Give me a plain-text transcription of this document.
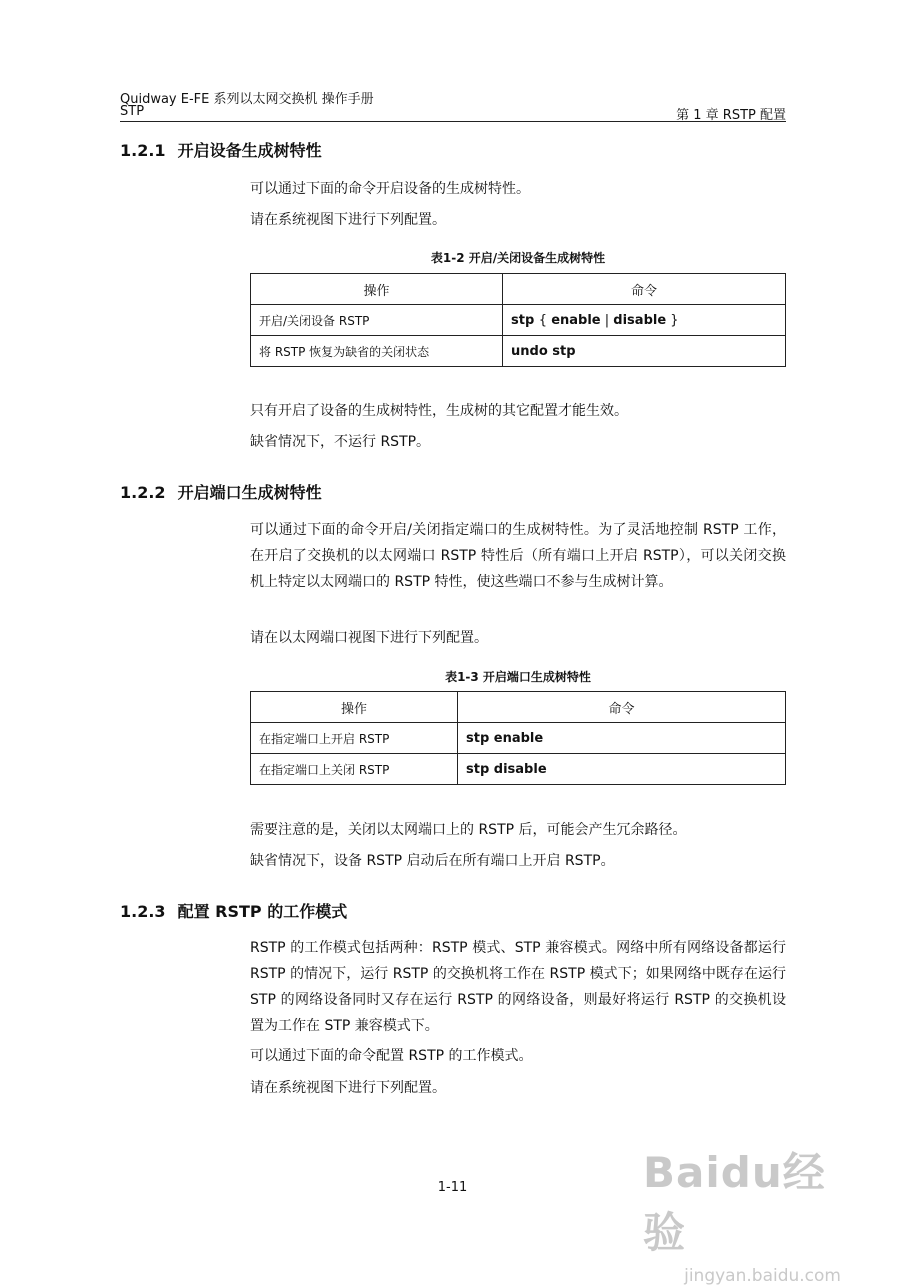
Quidway E-FE 系列以太网交换机 操作手册
STP	第 1 章 RSTP 配置
1.2.1 开启设备生成树特性
可以通过下面的命令开启设备的生成树特性。
请在系统视图下进行下列配置。
表1-2 开启/关闭设备生成树特性
操作	命令
开启/关闭设备 RSTP	stp { enable | disable }
将 RSTP 恢复为缺省的关闭状态	undo stp
只有开启了设备的生成树特性，生成树的其它配置才能生效。
缺省情况下，不运行 RSTP。
1.2.2 开启端口生成树特性
可以通过下面的命令开启/关闭指定端口的生成树特性。为了灵活地控制 RSTP 工作，在开启了交换机的以太网端口 RSTP 特性后（所有端口上开启 RSTP），可以关闭交换机上特定以太网端口的 RSTP 特性，使这些端口不参与生成树计算。
请在以太网端口视图下进行下列配置。
表1-3 开启端口生成树特性
操作	命令
在指定端口上开启 RSTP	stp enable
在指定端口上关闭 RSTP	stp disable
需要注意的是，关闭以太网端口上的 RSTP 后，可能会产生冗余路径。
缺省情况下，设备 RSTP 启动后在所有端口上开启 RSTP。
1.2.3 配置 RSTP 的工作模式
RSTP 的工作模式包括两种：RSTP 模式、STP 兼容模式。网络中所有网络设备都运行 RSTP 的情况下，运行 RSTP 的交换机将工作在 RSTP 模式下；如果网络中既存在运行 STP 的网络设备同时又存在运行 RSTP 的网络设备，则最好将运行 RSTP 的交换机设置为工作在 STP 兼容模式下。
可以通过下面的命令配置 RSTP 的工作模式。
请在系统视图下进行下列配置。
1-11	Baidu经验
jingyan.baidu.com
